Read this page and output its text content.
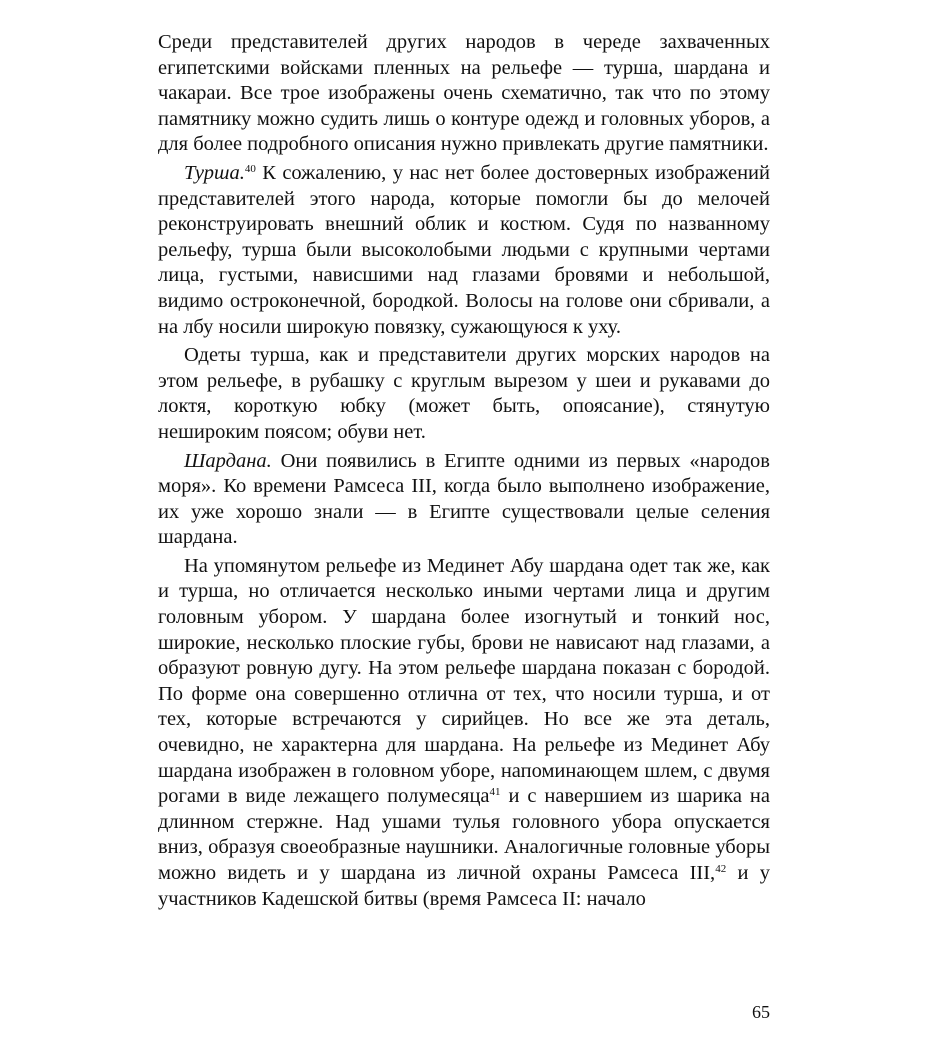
Среди представителей других народов в череде захваченных египетскими войсками пленных на рельефе — турша, шардана и чакараи. Все трое изображены очень схематично, так что по этому памятнику можно судить лишь о контуре одежд и головных уборов, а для более подробного описания нужно привлекать другие памятники.

Турша.$^{40}$ К сожалению, у нас нет более достоверных изображений представителей этого народа, которые помогли бы до мелочей реконструировать внешний облик и костюм. Судя по названному рельефу, турша были высоколобыми людьми с крупными чертами лица, густыми, нависшими над глазами бровями и небольшой, видимо остроконечной, бородкой. Волосы на голове они сбривали, а на лбу носили широкую повязку, сужающуюся к уху.

Одеты турша, как и представители других морских народов на этом рельефе, в рубашку с круглым вырезом у шеи и рукавами до локтя, короткую юбку (может быть, опоясание), стянутую нешироким поясом; обуви нет.

Шардана. Они появились в Египте одними из первых «народов моря». Ко времени Рамсеса III, когда было выполнено изображение, их уже хорошо знали — в Египте существовали целые селения шардана.

На упомянутом рельефе из Мединет Абу шардана одет так же, как и турша, но отличается несколько иными чертами лица и другим головным убором. У шардана более изогнутый и тонкий нос, широкие, несколько плоские губы, брови не нависают над глазами, а образуют ровную дугу. На этом рельефе шардана показан с бородой. По форме она совершенно отлична от тех, что носили турша, и от тех, которые встречаются у сирийцев. Но все же эта деталь, очевидно, не характерна для шардана. На рельефе из Мединет Абу шардана изображен в головном уборе, напоминающем шлем, с двумя рогами в виде лежащего полумесяца$^{41}$ и с навершием из шарика на длинном стержне. Над ушами тулья головного убора опускается вниз, образуя своеобразные наушники. Аналогичные головные уборы можно видеть и у шардана из личной охраны Рамсеса III,$^{42}$ и у участников Кадешской битвы (время Рамсеса II: начало

65
